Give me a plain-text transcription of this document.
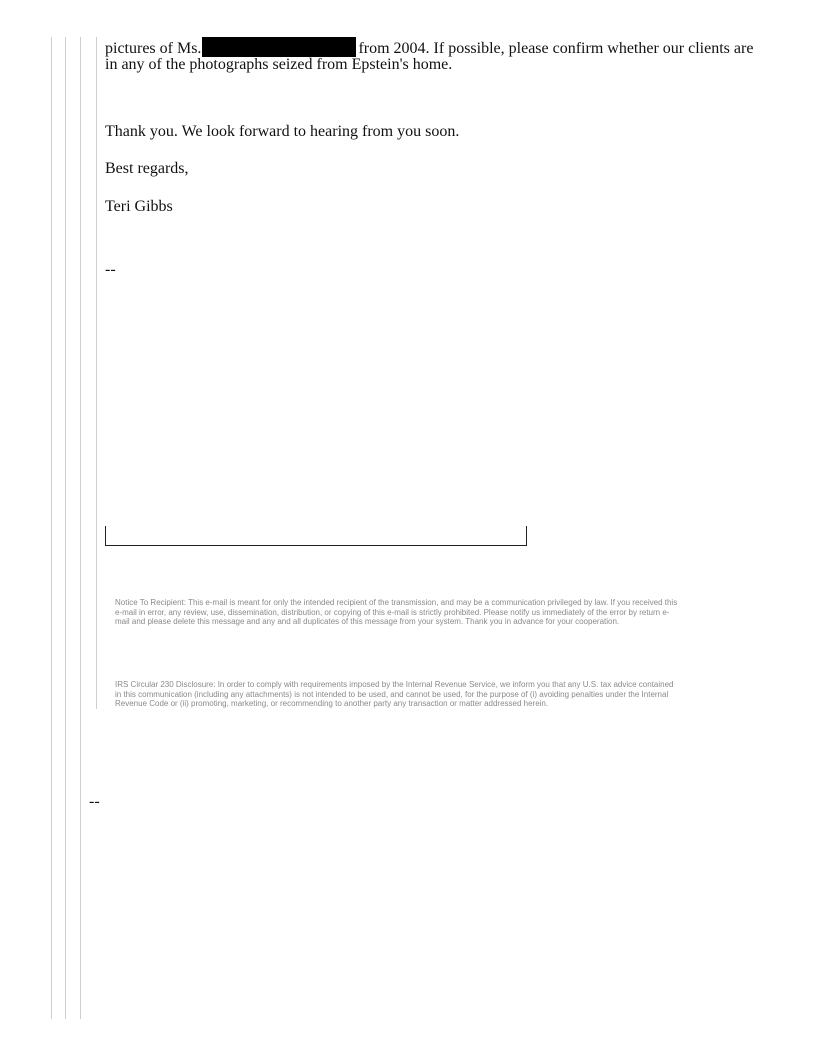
pictures of Ms.	from 2004. If possible, please confirm whether our clients are
in any of the photographs seized from Epstein's home.
Thank you. We look forward to hearing from you soon.
Best regards,
Teri Gibbs
--
Notice To Recipient: This e-mail is meant for only the intended recipient of the transmission, and may be a communication privileged by law. If you received this
e-mail in error, any review, use, dissemination, distribution, or copying of this e-mail is strictly prohibited. Please notify us immediately of the error by return e-
mail and please delete this message and any and all duplicates of this message from your system. Thank you in advance for your cooperation.
IRS Circular 230 Disclosure: In order to comply with requirements imposed by the Internal Revenue Service, we inform you that any U.S. tax advice contained
in this communication (including any attachments) is not intended to be used, and cannot be used, for the purpose of (i) avoiding penalties under the Internal
Revenue Code or (ii) promoting, marketing, or recommending to another party any transaction or matter addressed herein.
--
